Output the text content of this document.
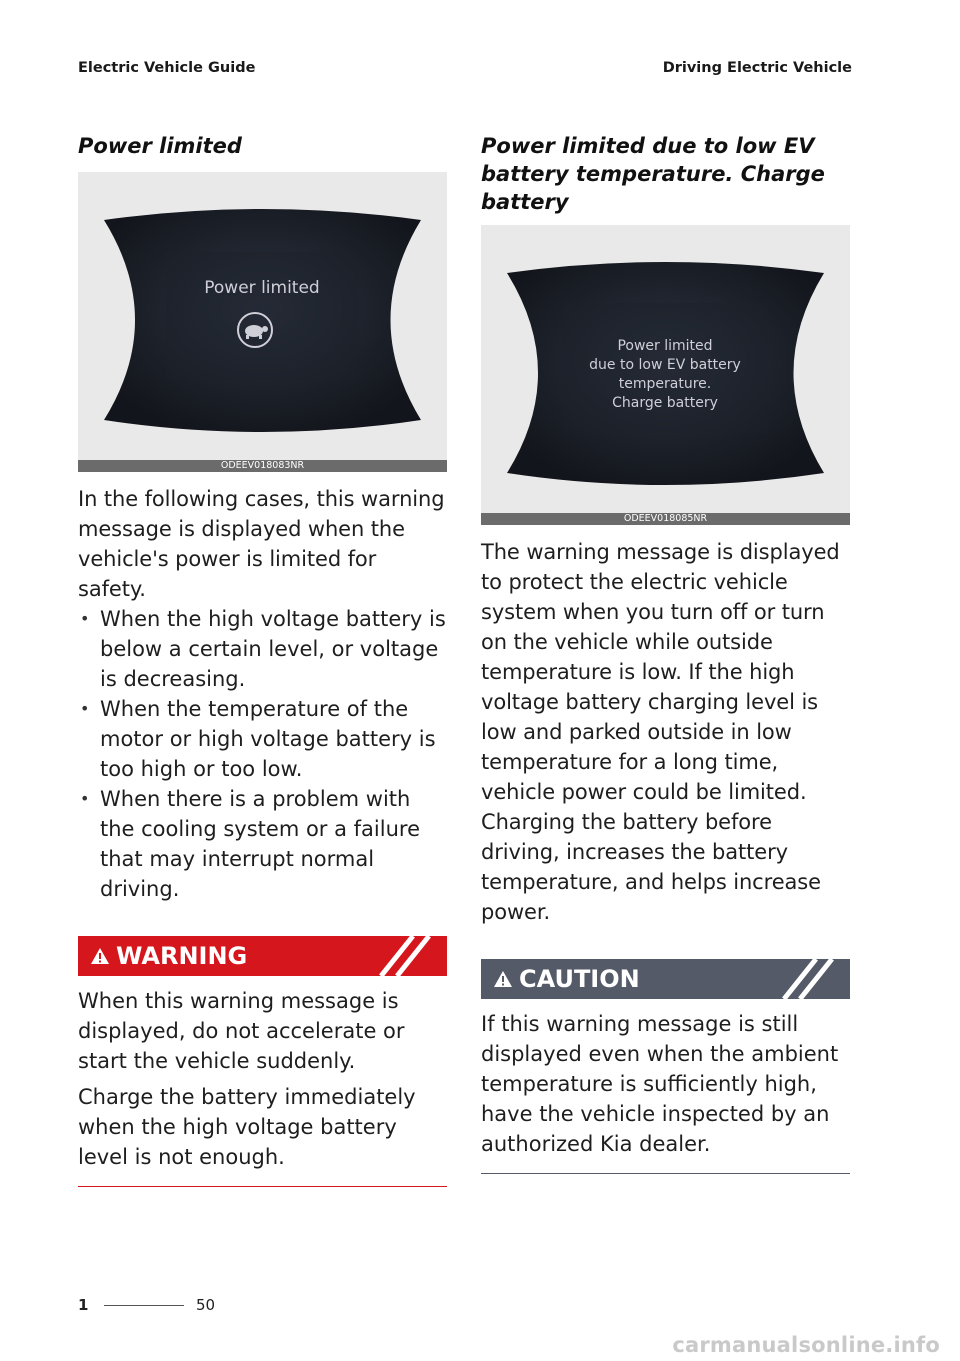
Electric Vehicle Guide	Driving Electric Vehicle
Power limited
Power limited
ODEEV018083NR

In the following cases, this warning message is displayed when the vehicle's power is limited for safety.

• When the high voltage battery is below a certain level, or voltage is decreasing.
• When the temperature of the motor or high voltage battery is too high or too low.
• When there is a problem with the cooling system or a failure that may interrupt normal driving.
WARNING

When this warning message is displayed, do not accelerate or start the vehicle suddenly.

Charge the battery immediately when the high voltage battery level is not enough.

Power limited due to low EV battery temperature. Charge battery
Power limited
due to low EV battery
temperature.
Charge battery
ODEEV018085NR

The warning message is displayed to protect the electric vehicle system when you turn off or turn on the vehicle while outside temperature is low. If the high voltage battery charging level is low and parked outside in low temperature for a long time, vehicle power could be limited. Charging the battery before driving, increases the battery temperature, and helps increase power.

CAUTION

If this warning message is still displayed even when the ambient temperature is sufficiently high, have the vehicle inspected by an authorized Kia dealer.

1	50
carmanualsonline.info
